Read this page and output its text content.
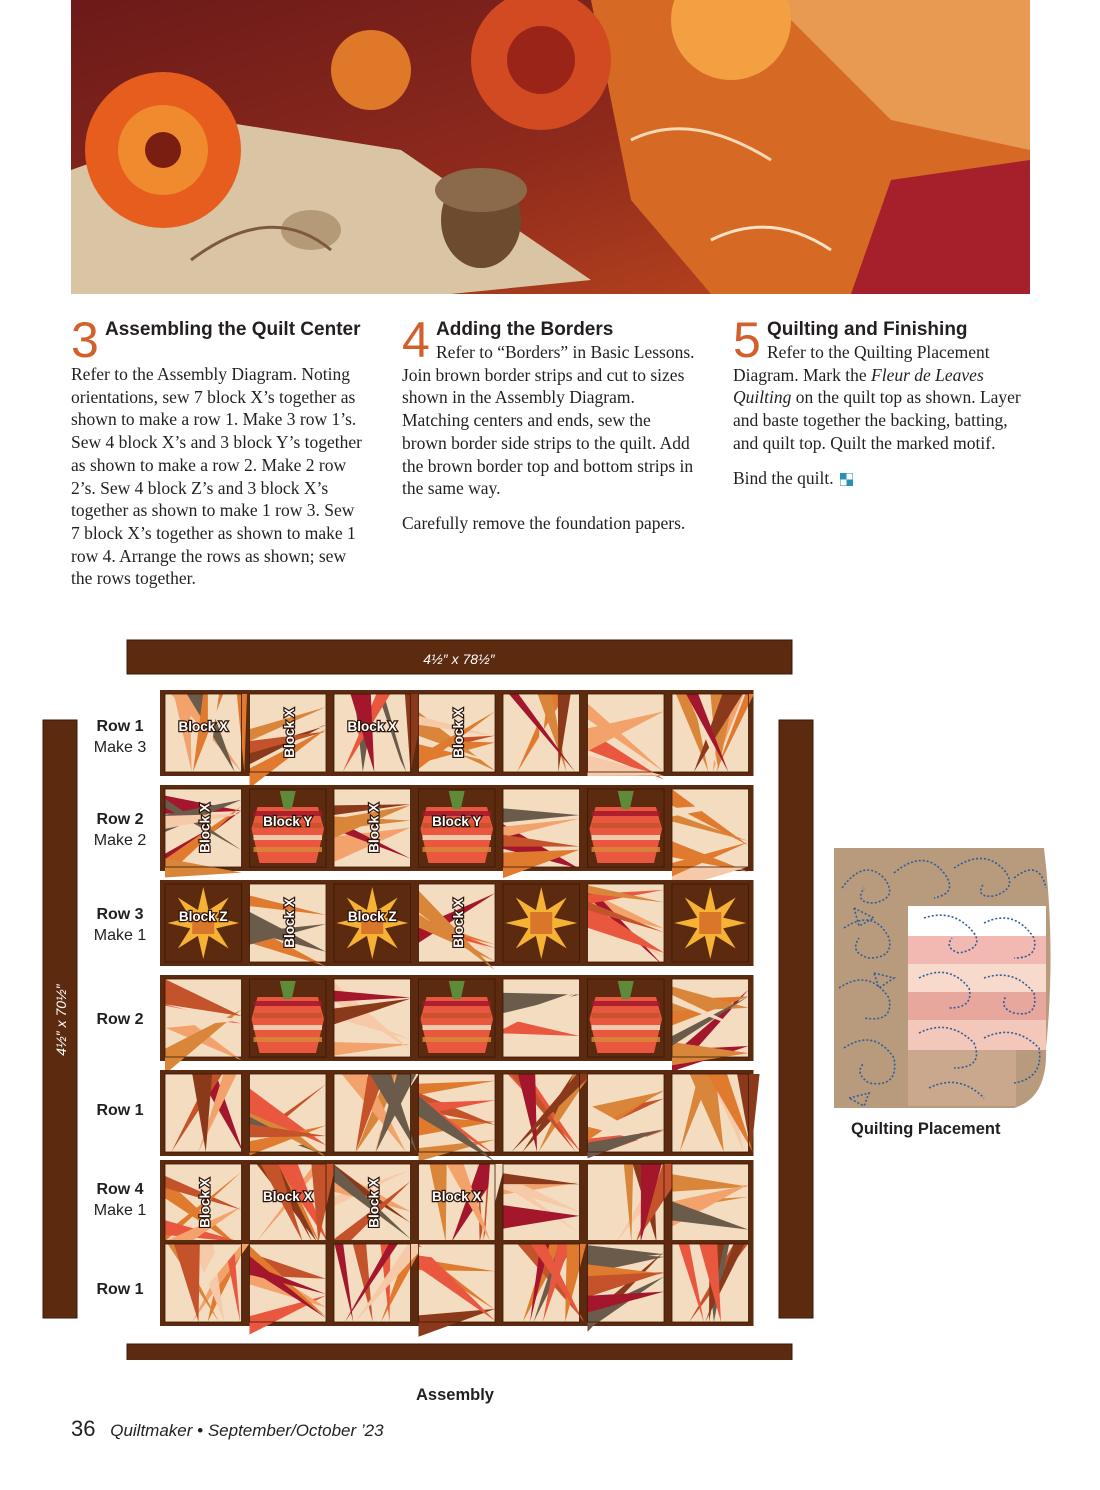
3 Assembling the Quilt Center

Refer to the Assembly Diagram. Noting orientations, sew 7 block X’s together as shown to make a row 1. Make 3 row 1’s. Sew 4 block X’s and 3 block Y’s together as shown to make a row 2. Make 2 row 2’s. Sew 4 block Z’s and 3 block X’s together as shown to make 1 row 3. Sew 7 block X’s together as shown to make 1 row 4. Arrange the rows as shown; sew the rows together.

4 Adding the Borders

Refer to “Borders” in Basic Lessons. Join brown border strips and cut to sizes shown in the Assembly Diagram. Matching centers and ends, sew the brown border side strips to the quilt. Add the brown border top and bottom strips in the same way.

Carefully remove the foundation papers.

5 Quilting and Finishing

Refer to the Quilting Placement Diagram. Mark the Fleur de Leaves Quilting on the quilt top as shown. Layer and baste together the backing, batting, and quilt top. Quilt the marked motif.

Bind the quilt.

4½″ x 78½″
4½″ x 70½″
Block X	Block X	Block X	Block X
Block X	Block Y	Block X	Block Y
Block Z	Block X	Block Z	Block X
Block X	Block X	Block X	Block X
Row 1
Make 3
Row 2
Make 2
Row 3
Make 1
Row 2
Row 1
Row 4
Make 1
Row 1
Assembly
Quilting Placement
36 Quiltmaker • September/October ’23
